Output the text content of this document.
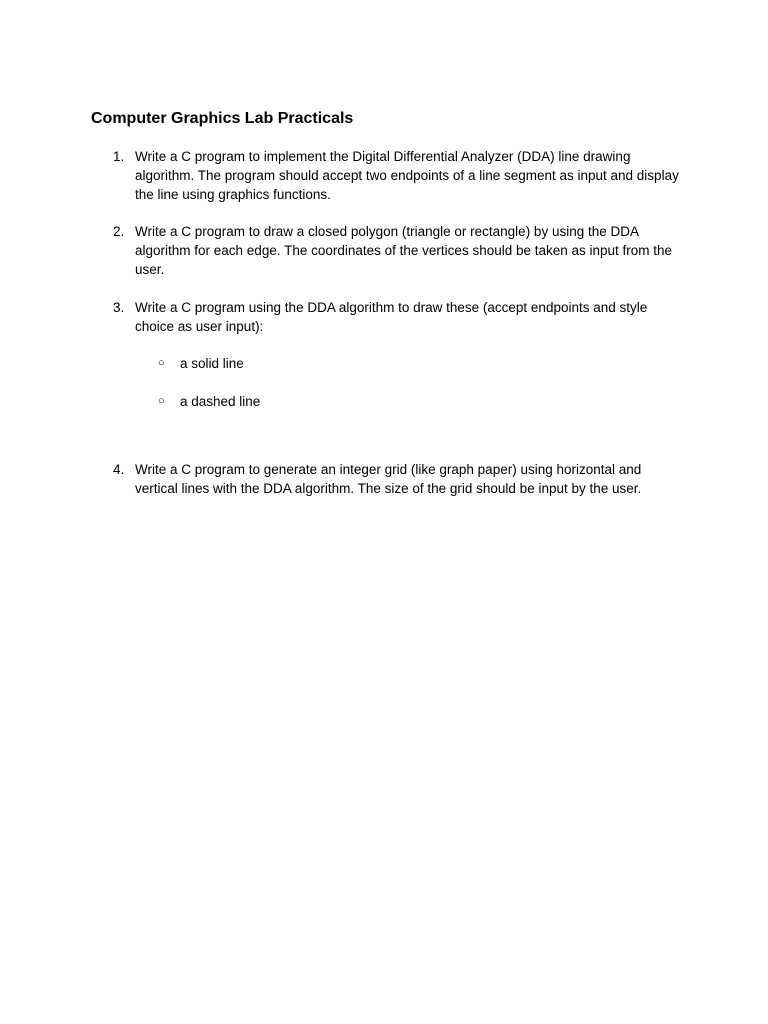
Computer Graphics Lab Practicals
1. Write a C program to implement the Digital Differential Analyzer (DDA) line drawing algorithm. The program should accept two endpoints of a line segment as input and display the line using graphics functions.
2. Write a C program to draw a closed polygon (triangle or rectangle) by using the DDA algorithm for each edge. The coordinates of the vertices should be taken as input from the user.
3. Write a C program using the DDA algorithm to draw these (accept endpoints and style choice as user input):
○ a solid line
○ a dashed line
4. Write a C program to generate an integer grid (like graph paper) using horizontal and vertical lines with the DDA algorithm. The size of the grid should be input by the user.
